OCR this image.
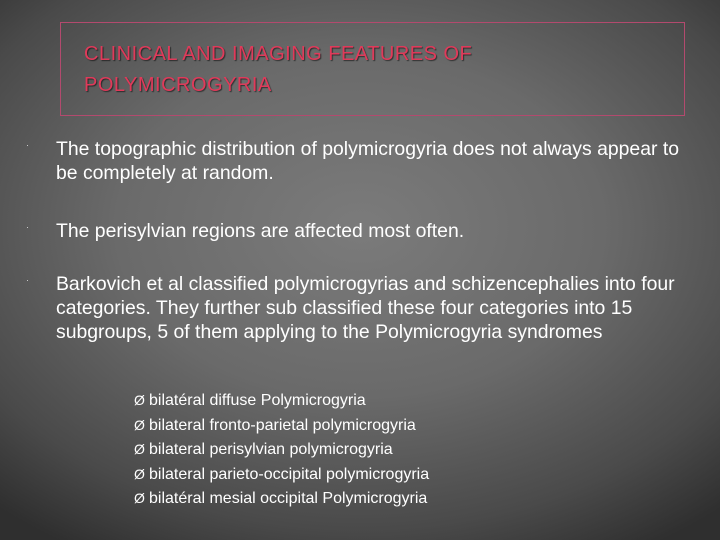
CLINICAL AND IMAGING FEATURES OF
POLYMICROGYRIA
· The topographic distribution of polymicrogyria does not always appear to be completely at random.
· The perisylvian regions are affected most often.
· Barkovich et al classified polymicrogyrias and schizencephalies into four categories. They further sub classified these four categories into 15 subgroups, 5 of them applying to the Polymicrogyria syndromes
Ø bilatéral diffuse Polymicrogyria
Ø bilateral fronto-parietal polymicrogyria
Ø bilateral perisylvian polymicrogyria
Ø bilateral parieto-occipital polymicrogyria
Ø bilatéral mesial occipital Polymicrogyria
